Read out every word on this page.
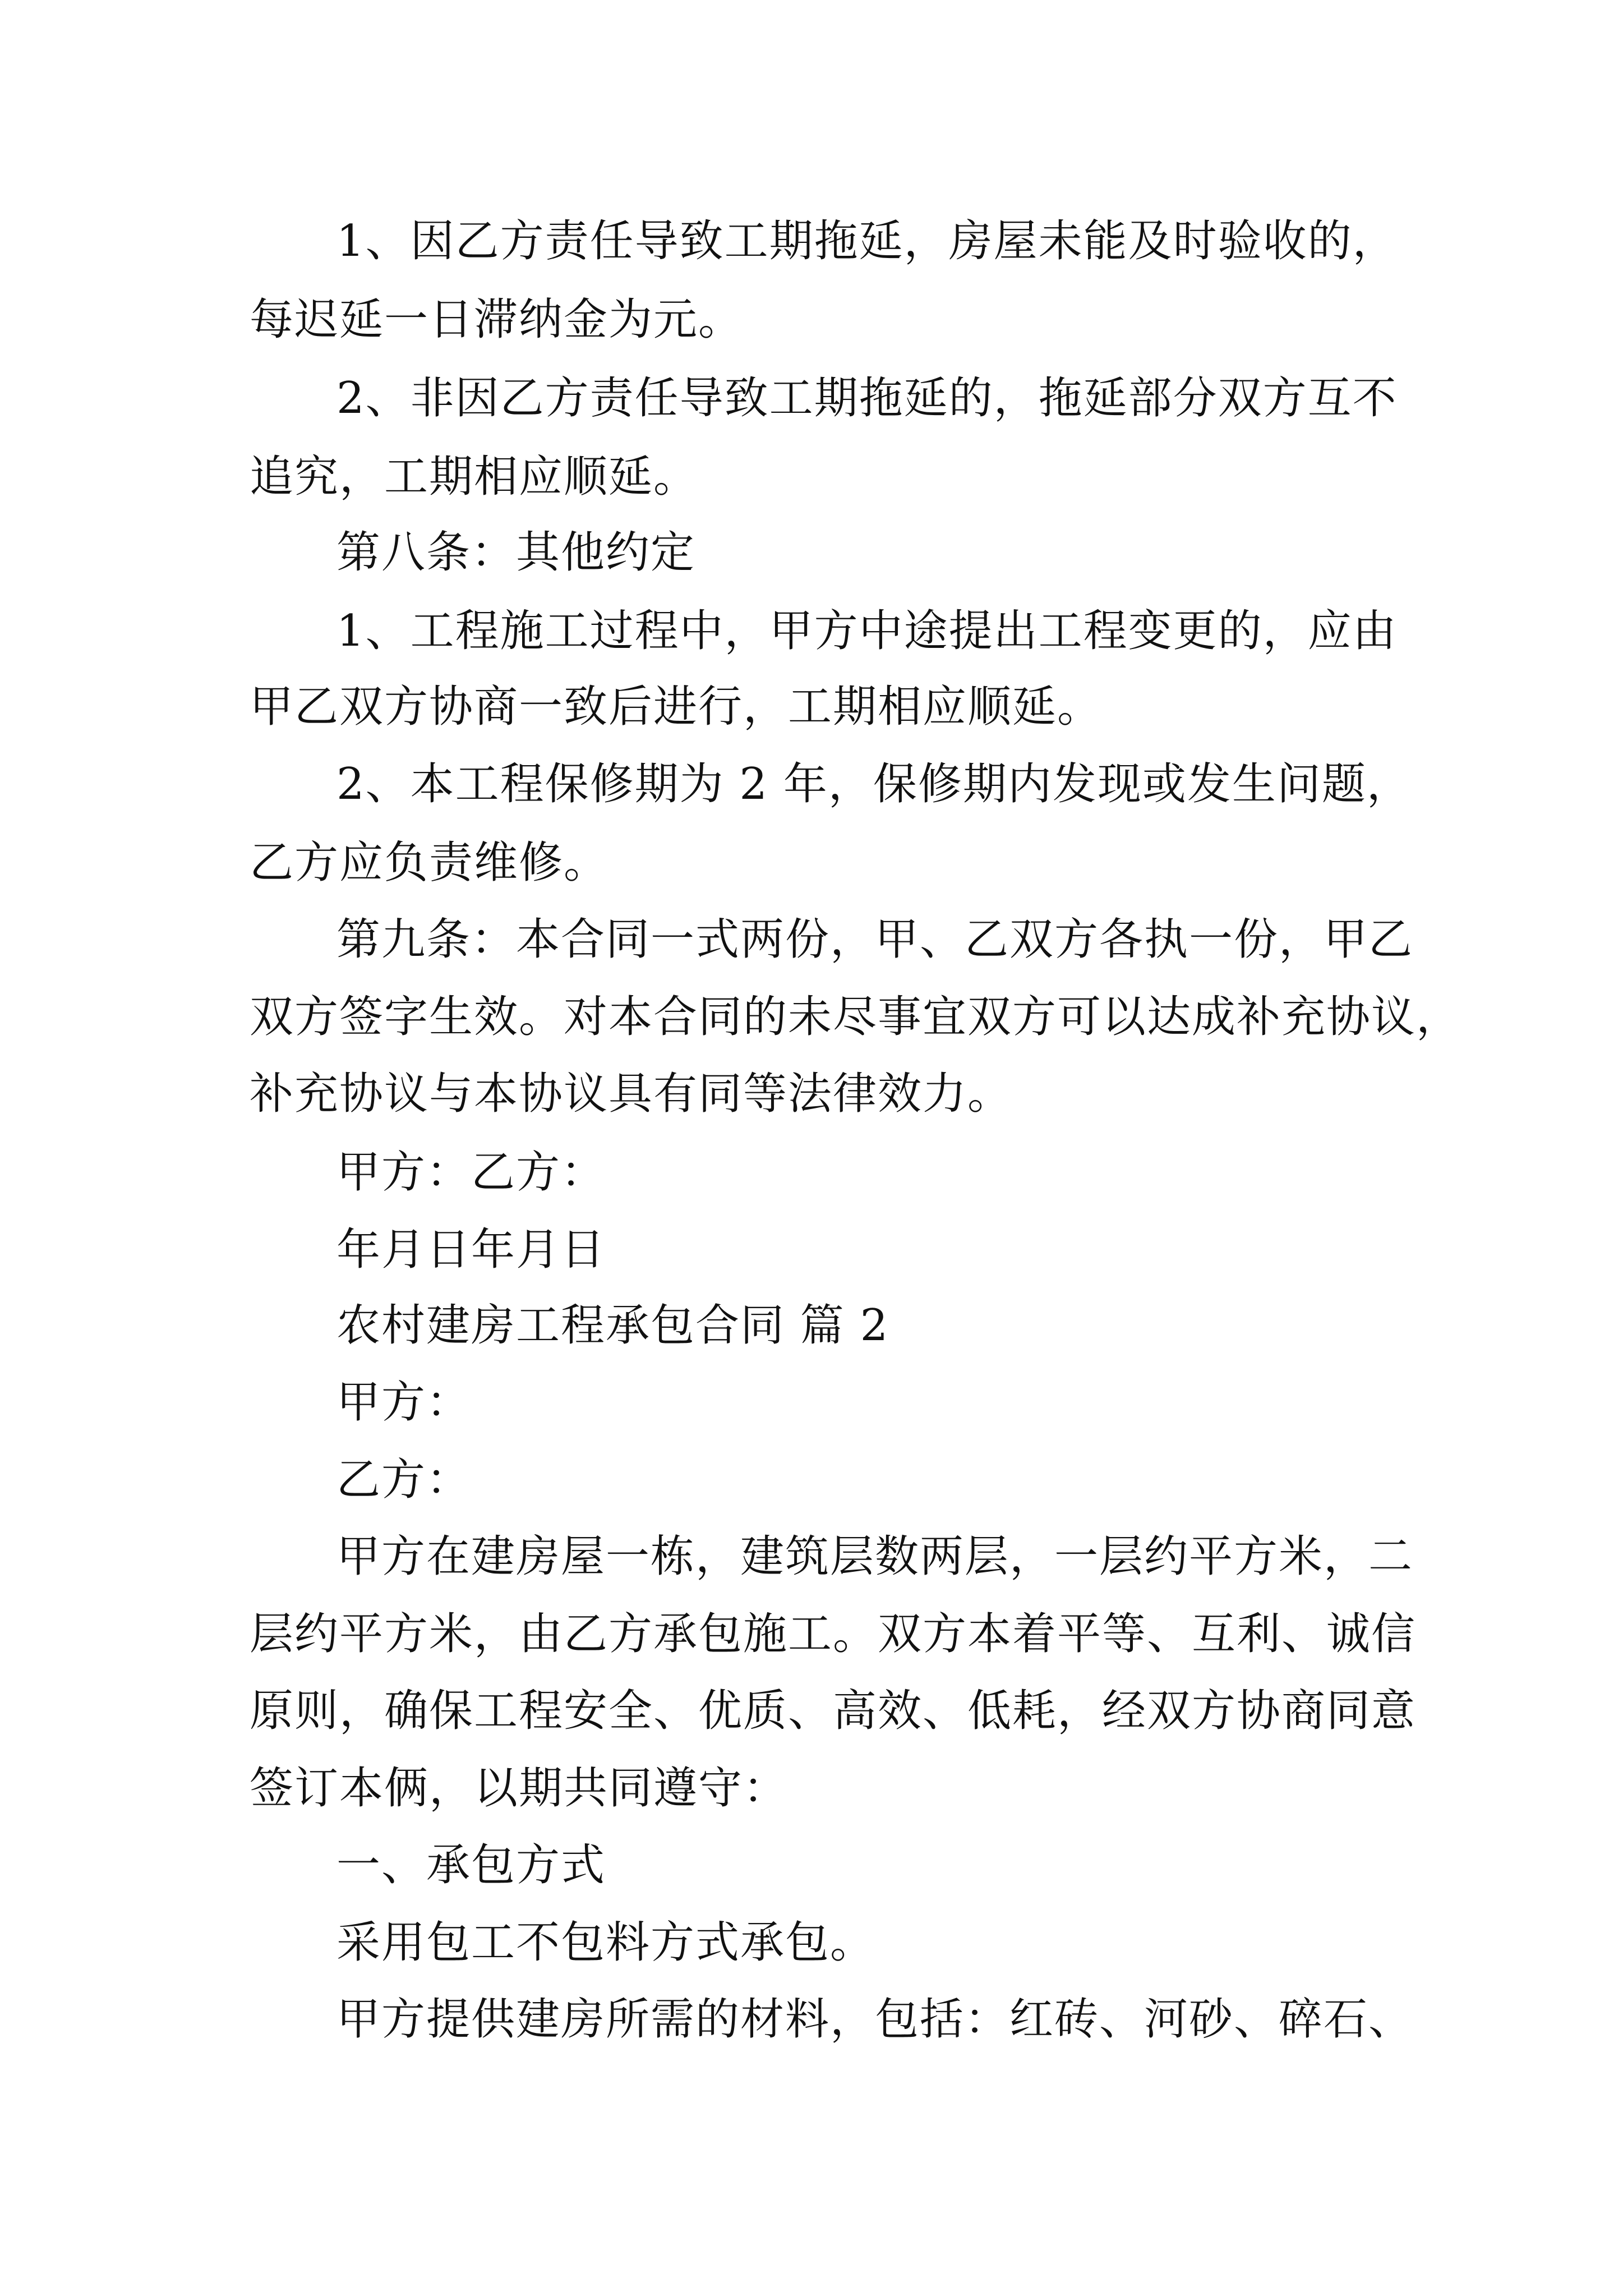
1、因乙方责任导致工期拖延，房屋未能及时验收的，
每迟延一日滞纳金为元。
2、非因乙方责任导致工期拖延的，拖延部分双方互不
追究，工期相应顺延。
第八条：其他约定
1、工程施工过程中，甲方中途提出工程变更的，应由
甲乙双方协商一致后进行，工期相应顺延。
2、本工程保修期为 2 年，保修期内发现或发生问题，
乙方应负责维修。
第九条：本合同一式两份，甲、乙双方各执一份，甲乙
双方签字生效。对本合同的未尽事宜双方可以达成补充协议，
补充协议与本协议具有同等法律效力。
甲方：乙方：
年月日年月日
农村建房工程承包合同 篇 2
甲方：
乙方：
甲方在建房屋一栋，建筑层数两层，一层约平方米，二
层约平方米，由乙方承包施工。双方本着平等、互利、诚信
原则，确保工程安全、优质、高效、低耗，经双方协商同意
签订本俩，以期共同遵守：
一、承包方式
采用包工不包料方式承包。
甲方提供建房所需的材料，包括：红砖、河砂、碎石、
